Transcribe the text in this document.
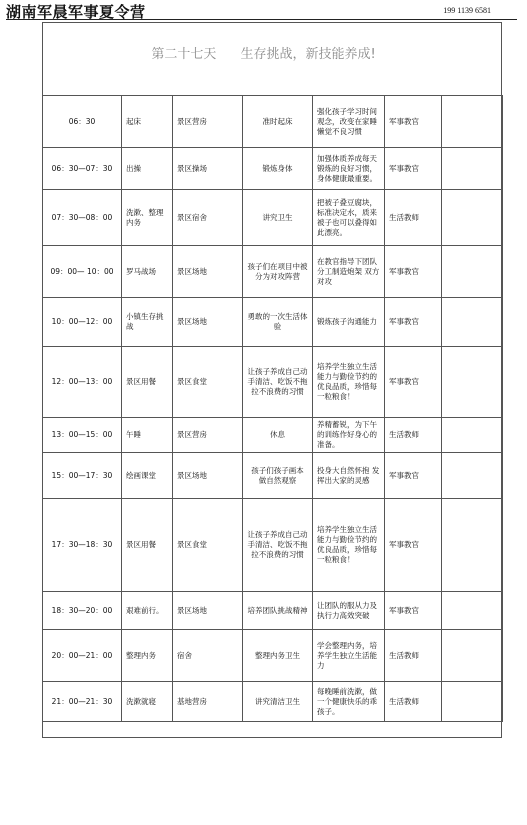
湖南军晨军事夏令营	199 1139 6581
第二十七天 生存挑战，新技能养成!
06：30	起床	景区营房	准时起床	强化孩子学习时间观念，改变在家睡懒觉不良习惯	军事教官	
06：30—07：30	出操	景区操场	锻炼身体	加强体质养成每天锻炼的良好习惯，身体健康最重要。	军事教官	
07：30—08：00	洗漱、整理内务	景区宿舍	讲究卫生	把被子叠豆腐块，标准决定水，质来被子也可以叠得如此漂亮。	生活教师	
09：00— 10：00	罗马战场	景区场地	孩子们在项目中被分为对攻阵营	在教官指导下团队分工制造炮架 双方对攻	军事教官	
10：00—12：00	小镇生存挑战	景区场地	勇敢的一次生活体验	锻炼孩子沟通能力	军事教官	
12：00—13：00	景区用餐	景区食堂	让孩子养成自己动手清洁、吃饭不拖拉不浪费的习惯	培养学生独立生活能力与勤俭节约的优良品质，珍惜每一粒粮食！	军事教官	
13：00—15：00	午睡	景区营房	休息	养精蓄锐，为下午的训练作好身心的准备。	生活教师	
15：00—17：30	绘画课堂	景区场地	孩子们孩子画本 做自然观察	投身大自然怀抱 发挥出大家的灵感	军事教官	
17：30—18：30	景区用餐	景区食堂	让孩子养成自己动手清洁、吃饭不拖拉不浪费的习惯	培养学生独立生活能力与勤俭节约的优良品质，珍惜每一粒粮食！	军事教官	
18：30—20：00	艰难前行。	景区场地	培养团队挑战精神	让团队的服从力及执行力高效突破	军事教官	
20：00—21：00	整理内务	宿舍	整理内务卫生	学会整理内务，培养学生独立生活能力	生活教师	
21：00—21：30	洗漱就寝	基地营房	讲究清洁卫生	每晚睡前洗漱，做一个健康快乐的乖孩子。	生活教师	
